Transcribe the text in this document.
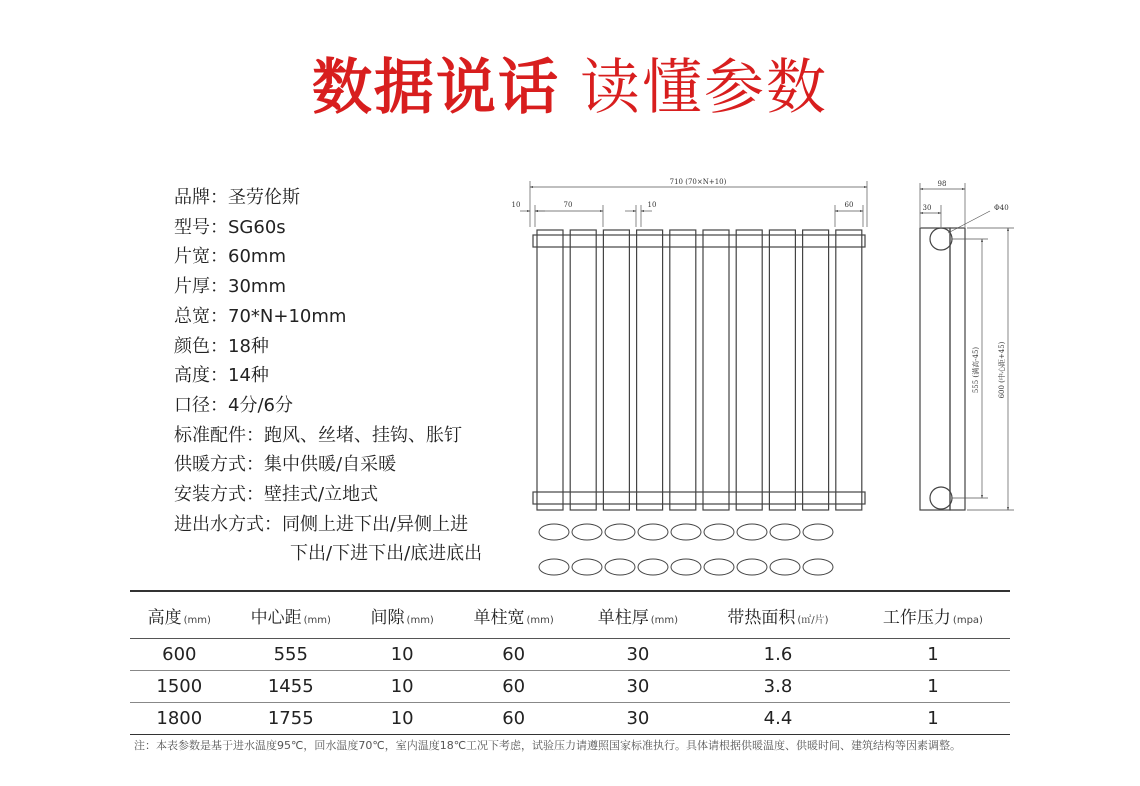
数据说话 读懂参数
品牌 ： 圣劳伦斯
型号 ： SG60s
片宽 ： 60mm
片厚 ： 30mm
总宽 ： 70*N+10mm
颜色 ： 18种
高度 ： 14种
口径 ： 4分/6分
标准配件 ： 跑风、丝堵、挂钩、胀钉
供暖方式 ： 集中供暖/自采暖
安装方式 ： 壁挂式/立地式
进出水方式 ： 同侧上进下出/异侧上进
下出/下进下出/底进底出
710 (70×N+10)
10	70	10	60
98
30	Φ40
555 (满高-45)	600 (中心距+45)
高度 (mm)	中心距 (mm)	间隙 (mm)	单柱宽 (mm)	单柱厚 (mm)	带热面积 (㎡/片)	工作压力 (mpa)
600	555	10	60	30	1.6	1
1500	1455	10	60	30	3.8	1
1800	1755	10	60	30	4.4	1
注：本表参数是基于进水温度95℃，回水温度70℃，室内温度18℃工况下考虑，试验压力请遵照国家标准执行。具体请根据供暖温度、供暖时间、建筑结构等因素调整。
